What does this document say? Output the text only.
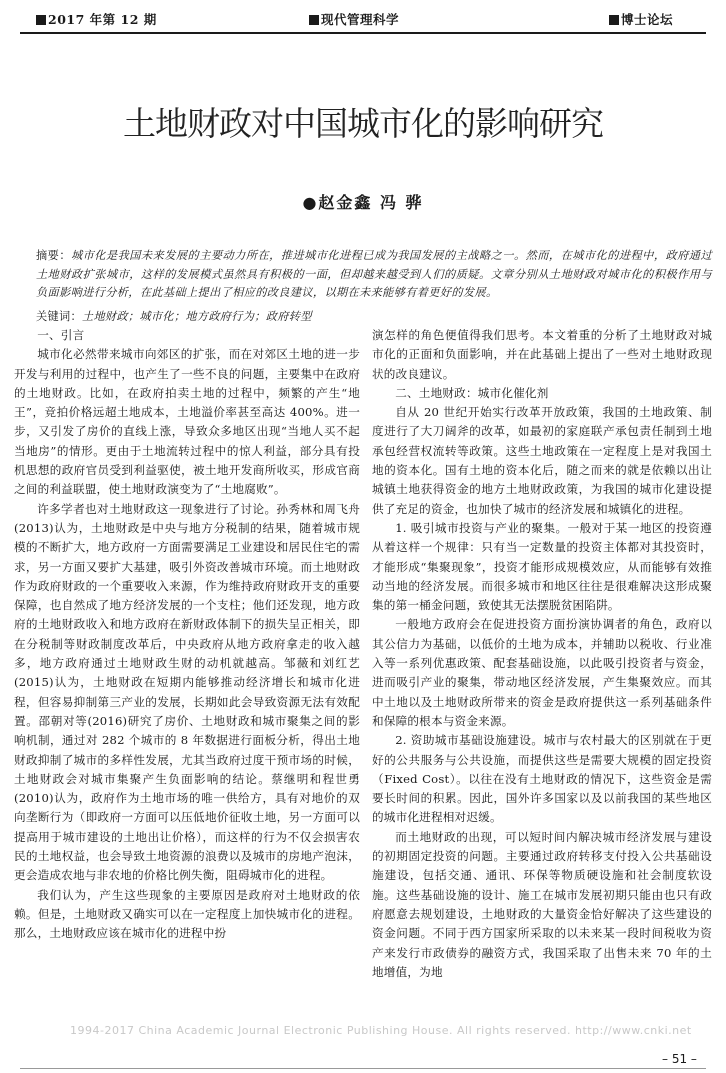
2017 年第 12 期	现代管理科学	博士论坛
土地财政对中国城市化的影响研究
●赵金鑫 冯 骅
摘要：城市化是我国未来发展的主要动力所在，推进城市化进程已成为我国发展的主战略之一。然而，在城市化的进程中，政府通过土地财政扩张城市，这样的发展模式虽然具有积极的一面，但却越来越受到人们的质疑。文章分别从土地财政对城市化的积极作用与负面影响进行分析，在此基础上提出了相应的改良建议，以期在未来能够有着更好的发展。
关键词：土地财政；城市化；地方政府行为；政府转型
一、引言

城市化必然带来城市向郊区的扩张，而在对郊区土地的进一步开发与利用的过程中，也产生了一些不良的问题，主要集中在政府的土地财政。比如，在政府拍卖土地的过程中，频繁的产生“地王”，竞拍价格远超土地成本，土地溢价率甚至高达 400%。进一步，又引发了房价的直线上涨，导致众多地区出现“当地人买不起当地房”的情形。更由于土地流转过程中的惊人利益，部分具有投机思想的政府官员受到利益驱使，被土地开发商所收买，形成官商之间的利益联盟，使土地财政演变为了“土地腐败”。

许多学者也对土地财政这一现象进行了讨论。孙秀林和周飞舟(2013)认为，土地财政是中央与地方分税制的结果，随着城市规模的不断扩大，地方政府一方面需要满足工业建设和居民住宅的需求，另一方面又要扩大基建，吸引外资改善城市环境。而土地财政作为政府财政的一个重要收入来源，作为维持政府财政开支的重要保障，也自然成了地方经济发展的一个支柱；他们还发现，地方政府的土地财政收入和地方政府在新财政体制下的损失呈正相关，即在分税制等财政制度改革后，中央政府从地方政府拿走的收入越多，地方政府通过土地财政生财的动机就越高。邹薇和刘红艺(2015)认为，土地财政在短期内能够推动经济增长和城市化进程，但容易抑制第三产业的发展，长期如此会导致资源无法有效配置。邵朝对等(2016)研究了房价、土地财政和城市聚集之间的影响机制，通过对 282 个城市的 8 年数据进行面板分析，得出土地财政抑制了城市的多样性发展，尤其当政府过度干预市场的时候，土地财政会对城市集聚产生负面影响的结论。蔡继明和程世勇(2010)认为，政府作为土地市场的唯一供给方，具有对地价的双向垄断行为（即政府一方面可以压低地价征收土地，另一方面可以提高用于城市建设的土地出让价格），而这样的行为不仅会损害农民的土地权益，也会导致土地资源的浪费以及城市的房地产泡沫，更会造成农地与非农地的价格比例失衡，阻碍城市化的进程。

我们认为，产生这些现象的主要原因是政府对土地财政的依赖。但是，土地财政又确实可以在一定程度上加快城市化的进程。那么，土地财政应该在城市化的进程中扮

演怎样的角色便值得我们思考。本文着重的分析了土地财政对城市化的正面和负面影响，并在此基础上提出了一些对土地财政现状的改良建议。

二、土地财政：城市化催化剂

自从 20 世纪开始实行改革开放政策，我国的土地政策、制度进行了大刀阔斧的改革，如最初的家庭联产承包责任制到土地承包经营权流转等政策。这些土地政策在一定程度上是对我国土地的资本化。国有土地的资本化后，随之而来的就是依赖以出让城镇土地获得资金的地方土地财政政策，为我国的城市化建设提供了充足的资金，也加快了城市的经济发展和城镇化的进程。

1. 吸引城市投资与产业的聚集。一般对于某一地区的投资遵从着这样一个规律：只有当一定数量的投资主体都对其投资时，才能形成“集聚现象”，投资才能形成规模效应，从而能够有效推动当地的经济发展。而很多城市和地区往往是很难解决这形成聚集的第一桶金问题，致使其无法摆脱贫困陷阱。

一般地方政府会在促进投资方面扮演协调者的角色，政府以其公信力为基础，以低价的土地为成本，并辅助以税收、行业准入等一系列优惠政策、配套基础设施，以此吸引投资者与资金，进而吸引产业的聚集，带动地区经济发展，产生集聚效应。而其中土地以及土地财政所带来的资金是政府提供这一系列基础条件和保障的根本与资金来源。

2. 资助城市基础设施建设。城市与农村最大的区别就在于更好的公共服务与公共设施，而提供这些是需要大规模的固定投资（Fixed Cost）。以往在没有土地财政的情况下，这些资金是需要长时间的积累。因此，国外许多国家以及以前我国的某些地区的城市化进程相对迟缓。

而土地财政的出现，可以短时间内解决城市经济发展与建设的初期固定投资的问题。主要通过政府转移支付投入公共基础设施建设，包括交通、通讯、环保等物质硬设施和社会制度软设施。这些基础设施的设计、施工在城市发展初期只能由也只有政府愿意去规划建设，土地财政的大量资金恰好解决了这些建设的资金问题。不同于西方国家所采取的以未来某一段时间税收为资产来发行市政债券的融资方式，我国采取了出售未来 70 年的土地增值，为地

1994-2017 China Academic Journal Electronic Publishing House. All rights reserved. http://www.cnki.net
– 51 –
